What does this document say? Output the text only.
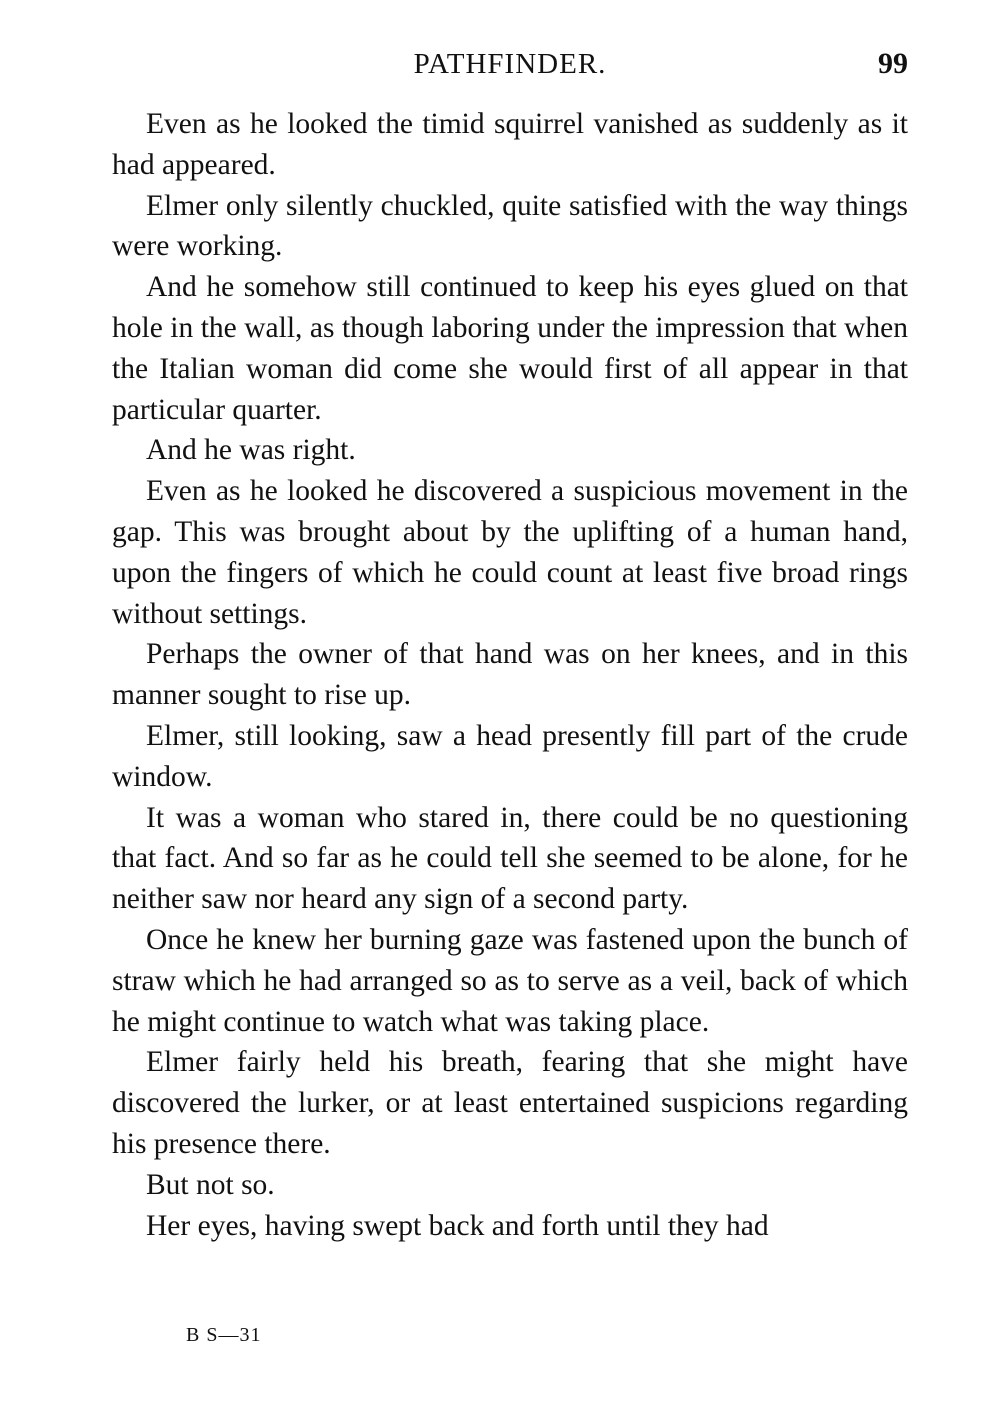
PATHFINDER.	99

Even as he looked the timid squirrel vanished as suddenly as it had appeared.

Elmer only silently chuckled, quite satisfied with the way things were working.

And he somehow still continued to keep his eyes glued on that hole in the wall, as though laboring under the impression that when the Italian woman did come she would first of all appear in that particular quarter.

And he was right.

Even as he looked he discovered a suspicious movement in the gap. This was brought about by the uplifting of a human hand, upon the fingers of which he could count at least five broad rings without settings.

Perhaps the owner of that hand was on her knees, and in this manner sought to rise up.

Elmer, still looking, saw a head presently fill part of the crude window.

It was a woman who stared in, there could be no questioning that fact. And so far as he could tell she seemed to be alone, for he neither saw nor heard any sign of a second party.

Once he knew her burning gaze was fastened upon the bunch of straw which he had arranged so as to serve as a veil, back of which he might continue to watch what was taking place.

Elmer fairly held his breath, fearing that she might have discovered the lurker, or at least entertained suspicions regarding his presence there.

But not so.

Her eyes, having swept back and forth until they had

B S—31
